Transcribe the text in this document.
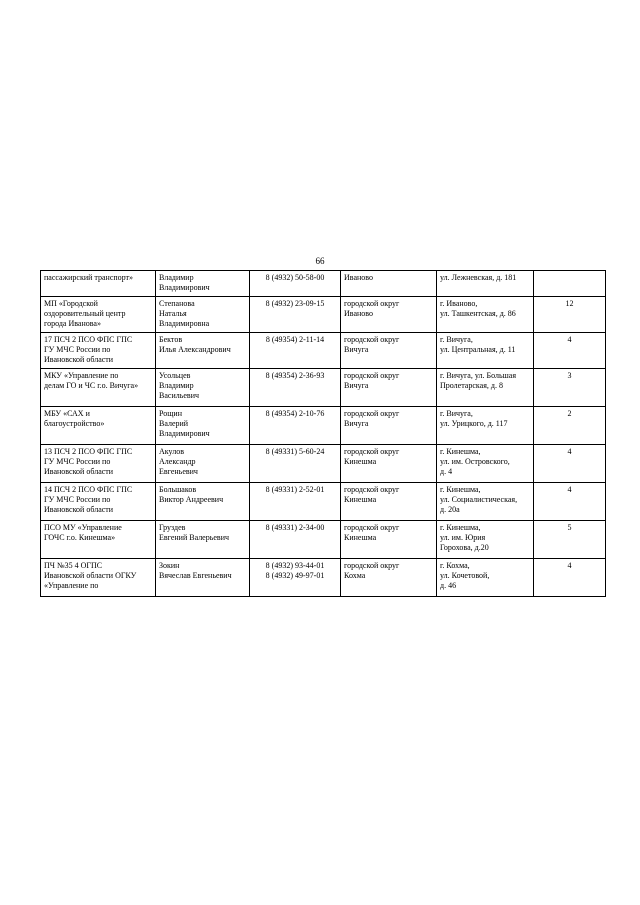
66
пассажирский транспорт»	Владимир
Владимирович	8 (4932) 50-58-00	Иваново	ул. Лежневская, д. 181	
МП «Городской
оздоровительный центр
города Иванова»	Степанова
Наталья
Владимировна	8 (4932) 23-09-15	городской округ
Иваново	г. Иваново,
ул. Ташкентская, д. 86	12
17 ПСЧ 2 ПСО ФПС ГПС
ГУ МЧС России по
Ивановской области	Бектов
Илья Александрович	8 (49354) 2-11-14	городской округ
Вичуга	г. Вичуга,
ул. Центральная, д. 11	4
МКУ «Управление по
делам ГО и ЧС г.о. Вичуга»	Усольцев
Владимир
Васильевич	8 (49354) 2-36-93	городской округ
Вичуга	г. Вичуга, ул. Большая
Пролетарская, д. 8	3
МБУ «САХ и
благоустройство»	Рощин
Валерий
Владимирович	8 (49354) 2-10-76	городской округ
Вичуга	г. Вичуга,
ул. Урицкого, д. 117	2
13 ПСЧ 2 ПСО ФПС ГПС
ГУ МЧС России по
Ивановской области	Акулов
Александр
Евгеньевич	8 (49331) 5-60-24	городской округ
Кинешма	г. Кинешма,
ул. им. Островского,
д. 4	4
14 ПСЧ 2 ПСО ФПС ГПС
ГУ МЧС России по
Ивановской области	Большаков
Виктор Андреевич	8 (49331) 2-52-01	городской округ
Кинешма	г. Кинешма,
ул. Социалистическая,
д. 20а	4
ПСО МУ «Управление
ГОЧС г.о. Кинешма»	Груздев
Евгений Валерьевич	8 (49331) 2-34-00	городской округ
Кинешма	г. Кинешма,
ул. им. Юрия
Горохова, д.20	5
ПЧ №35 4 ОГПС
Ивановской области ОГКУ
«Управление по	Зокин
Вячеслав Евгеньевич	8 (4932) 93-44-01
8 (4932) 49-97-01	городской округ
Кохма	г. Кохма,
ул. Кочетовой,
д. 46	4
